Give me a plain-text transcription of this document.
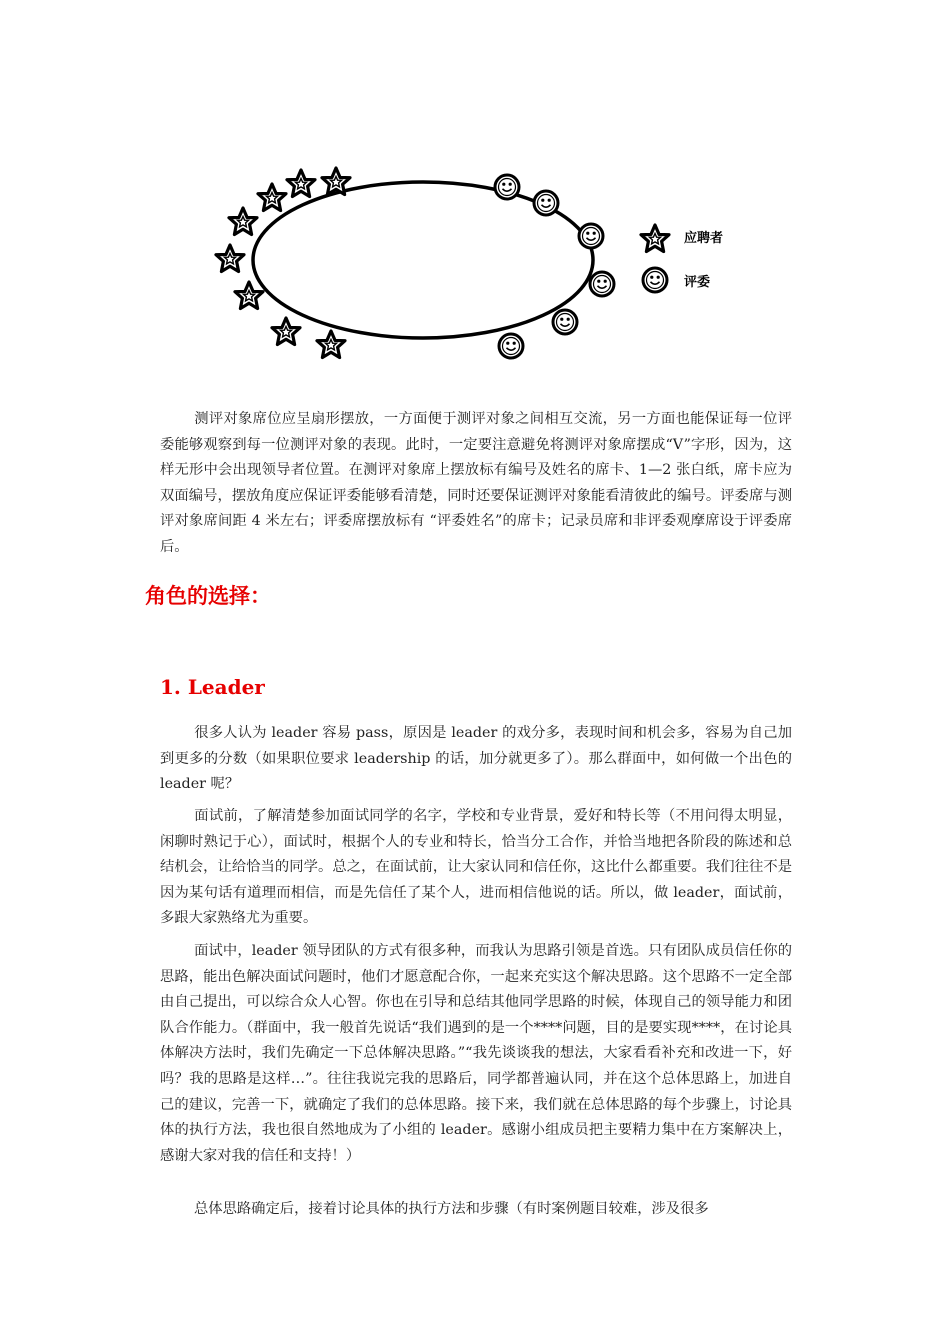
应聘者
评委

测评对象席位应呈扇形摆放，一方面便于测评对象之间相互交流，另一方面也能保证每一位评委能够观察到每一位测评对象的表现。此时，一定要注意避免将测评对象席摆成“V”字形，因为，这样无形中会出现领导者位置。在测评对象席上摆放标有编号及姓名的席卡、1—2 张白纸，席卡应为双面编号，摆放角度应保证评委能够看清楚，同时还要保证测评对象能看清彼此的编号。评委席与测评对象席间距 4 米左右；评委席摆放标有 “评委姓名”的席卡；记录员席和非评委观摩席设于评委席后。

角色的选择：
1. Leader

很多人认为 leader 容易 pass，原因是 leader 的戏分多，表现时间和机会多，容易为自己加到更多的分数（如果职位要求 leadership 的话，加分就更多了）。那么群面中，如何做一个出色的 leader 呢？

面试前，了解清楚参加面试同学的名字，学校和专业背景，爱好和特长等（不用问得太明显，闲聊时熟记于心），面试时，根据个人的专业和特长，恰当分工合作，并恰当地把各阶段的陈述和总结机会，让给恰当的同学。总之，在面试前，让大家认同和信任你，这比什么都重要。我们往往不是因为某句话有道理而相信，而是先信任了某个人，进而相信他说的话。所以，做 leader，面试前，多跟大家熟络尤为重要。

面试中，leader 领导团队的方式有很多种，而我认为思路引领是首选。只有团队成员信任你的思路，能出色解决面试问题时，他们才愿意配合你，一起来充实这个解决思路。这个思路不一定全部由自己提出，可以综合众人心智。你也在引导和总结其他同学思路的时候，体现自己的领导能力和团队合作能力。（群面中，我一般首先说话“我们遇到的是一个****问题，目的是要实现****，在讨论具体解决方法时，我们先确定一下总体解决思路。”“我先谈谈我的想法，大家看看补充和改进一下，好吗？我的思路是这样…”。往往我说完我的思路后，同学都普遍认同，并在这个总体思路上，加进自己的建议，完善一下，就确定了我们的总体思路。接下来，我们就在总体思路的每个步骤上，讨论具体的执行方法，我也很自然地成为了小组的 leader。感谢小组成员把主要精力集中在方案解决上，感谢大家对我的信任和支持！）

总体思路确定后，接着讨论具体的执行方法和步骤（有时案例题目较难，涉及很多
